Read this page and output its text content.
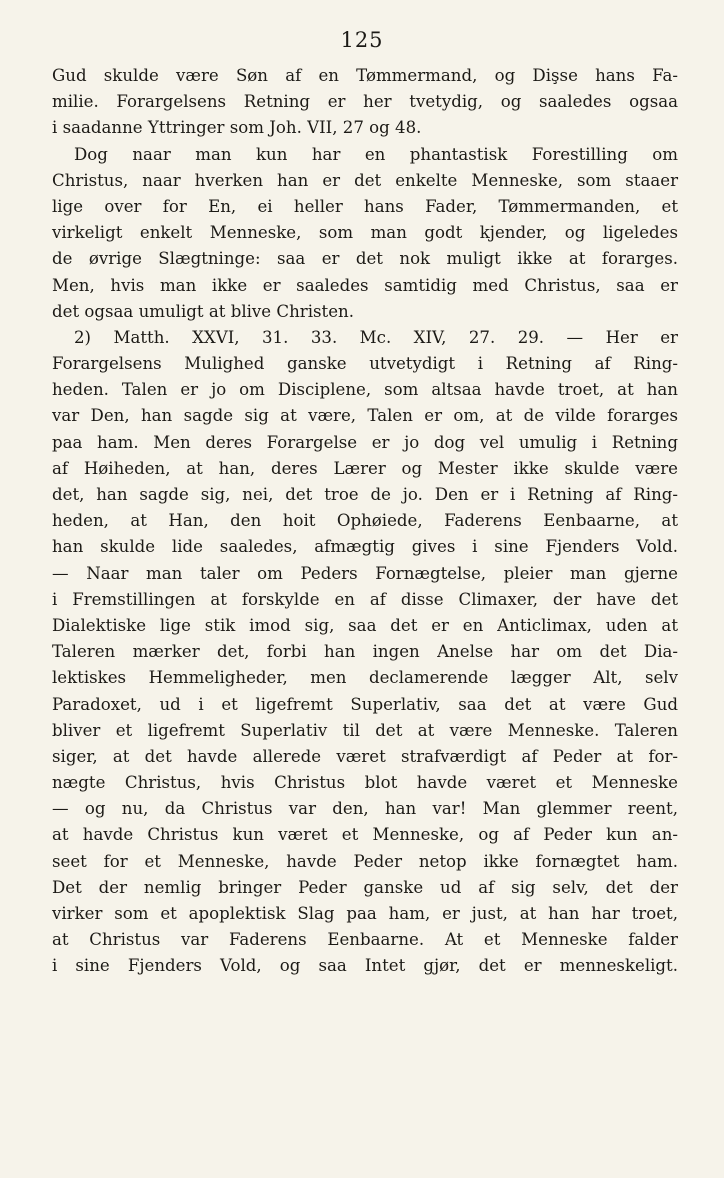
125
Gud skulde være Søn af en Tømmermand, og Dişse hans Fa-
milie. Forargelsens Retning er her tvetydig, og saaledes ogsaa
i saadanne Yttringer som Joh. VII, 27 og 48.
Dog naar man kun har en phantastisk Forestilling om
Christus, naar hverken han er det enkelte Menneske, som staaer
lige over for En, ei heller hans Fader, Tømmermanden, et
virkeligt enkelt Menneske, som man godt kjender, og ligeledes
de øvrige Slægtninge: saa er det nok muligt ikke at forarges.
Men, hvis man ikke er saaledes samtidig med Christus, saa er
det ogsaa umuligt at blive Christen.
2) Matth. XXVI, 31. 33. Mc. XIV, 27. 29. — Her er
Forargelsens Mulighed ganske utvetydigt i Retning af Ring-
heden. Talen er jo om Disciplene, som altsaa havde troet, at han
var Den, han sagde sig at være, Talen er om, at de vilde forarges
paa ham. Men deres Forargelse er jo dog vel umulig i Retning
af Høiheden, at han, deres Lærer og Mester ikke skulde være
det, han sagde sig, nei, det troe de jo. Den er i Retning af Ring-
heden, at Han, den hoit Ophøiede, Faderens Eenbaarne, at
han skulde lide saaledes, afmægtig gives i sine Fjenders Vold.
— Naar man taler om Peders Fornægtelse, pleier man gjerne
i Fremstillingen at forskylde en af disse Climaxer, der have det
Dialektiske lige stik imod sig, saa det er en Anticlimax, uden at
Taleren mærker det, forbi han ingen Anelse har om det Dia-
lektiskes Hemmeligheder, men declamerende lægger Alt, selv
Paradoxet, ud i et ligefremt Superlativ, saa det at være Gud
bliver et ligefremt Superlativ til det at være Menneske. Taleren
siger, at det havde allerede været strafværdigt af Peder at for-
nægte Christus, hvis Christus blot havde været et Menneske
— og nu, da Christus var den, han var! Man glemmer reent,
at havde Christus kun været et Menneske, og af Peder kun an-
seet for et Menneske, havde Peder netop ikke fornægtet ham.
Det der nemlig bringer Peder ganske ud af sig selv, det der
virker som et apoplektisk Slag paa ham, er just, at han har troet,
at Christus var Faderens Eenbaarne. At et Menneske falder
i sine Fjenders Vold, og saa Intet gjør, det er menneskeligt.
